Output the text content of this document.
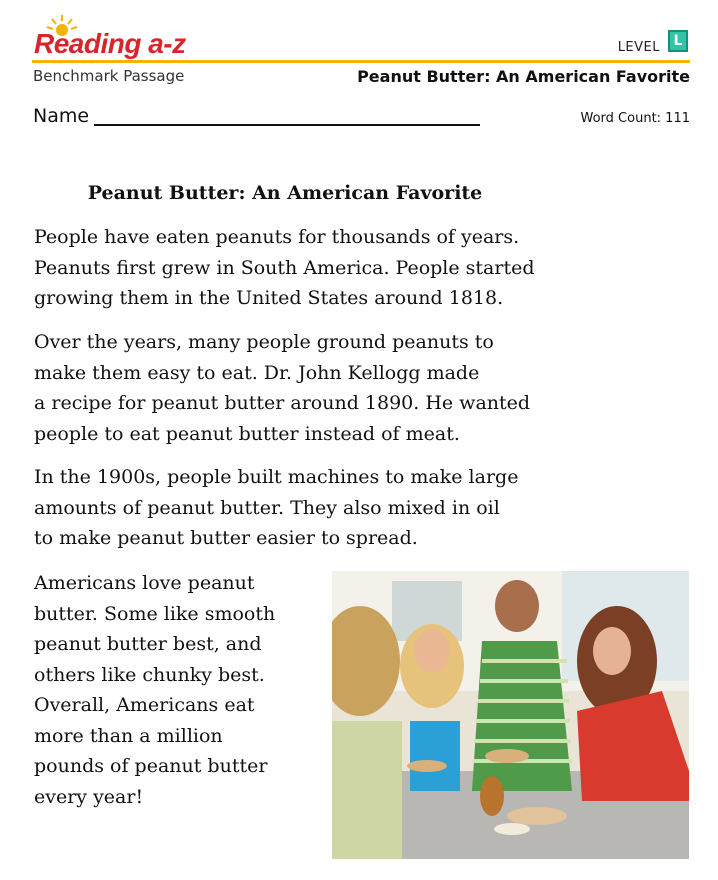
Reading a-z	LEVEL L
Benchmark Passage	Peanut Butter: An American Favorite
Name	Word Count: 111
Peanut Butter: An American Favorite
People have eaten peanuts for thousands of years.
Peanuts first grew in South America. People started
growing them in the United States around 1818.
Over the years, many people ground peanuts to
make them easy to eat. Dr. John Kellogg made
a recipe for peanut butter around 1890. He wanted
people to eat peanut butter instead of meat.
In the 1900s, people built machines to make large
amounts of peanut butter. They also mixed in oil
to make peanut butter easier to spread.
Americans love peanut
butter. Some like smooth
peanut butter best, and
others like chunky best.
Overall, Americans eat
more than a million
pounds of peanut butter
every year!
